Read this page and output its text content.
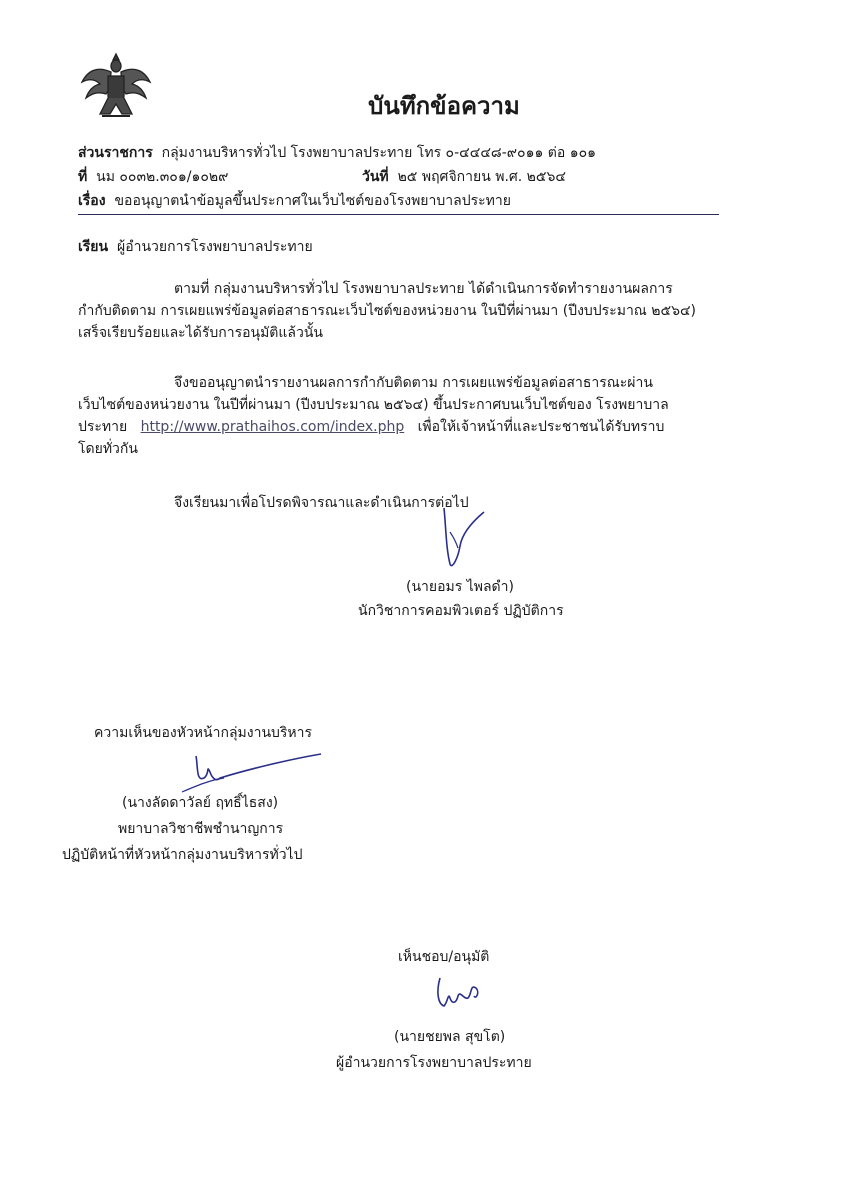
บันทึกข้อความ
ส่วนราชการ กลุ่มงานบริหารทั่วไป โรงพยาบาลประทาย โทร ๐-๔๔๔๘-๙๐๑๑ ต่อ ๑๐๑
ที่ นม ๐๐๓๒.๓๐๑/๑๐๒๙	วันที่ ๒๕ พฤศจิกายน พ.ศ. ๒๕๖๔
เรื่อง ขออนุญาตนำข้อมูลขึ้นประกาศในเว็บไซต์ของโรงพยาบาลประทาย
เรียน ผู้อำนวยการโรงพยาบาลประทาย
ตามที่ กลุ่มงานบริหารทั่วไป โรงพยาบาลประทาย ได้ดำเนินการจัดทำรายงานผลการ
กำกับติดตาม การเผยแพร่ข้อมูลต่อสาธารณะเว็บไซต์ของหน่วยงาน ในปีที่ผ่านมา (ปีงบประมาณ ๒๕๖๔)
เสร็จเรียบร้อยและได้รับการอนุมัติแล้วนั้น
จึงขออนุญาตนำรายงานผลการกำกับติดตาม การเผยแพร่ข้อมูลต่อสาธารณะผ่าน
เว็บไซต์ของหน่วยงาน ในปีที่ผ่านมา (ปีงบประมาณ ๒๕๖๔) ขึ้นประกาศบนเว็บไซต์ของ โรงพยาบาล
ประทาย http://www.prathaihos.com/index.php เพื่อให้เจ้าหน้าที่และประชาชนได้รับทราบ
โดยทั่วกัน
จึงเรียนมาเพื่อโปรดพิจารณาและดำเนินการต่อไป
(นายอมร ไพลดำ)
นักวิชาการคอมพิวเตอร์ ปฏิบัติการ
ความเห็นของหัวหน้ากลุ่มงานบริหาร
(นางลัดดาวัลย์ ฤทธิ์ไธสง)
พยาบาลวิชาชีพชำนาญการ
ปฏิบัติหน้าที่หัวหน้ากลุ่มงานบริหารทั่วไป
เห็นชอบ/อนุมัติ
(นายชยพล สุขโต)
ผู้อำนวยการโรงพยาบาลประทาย
